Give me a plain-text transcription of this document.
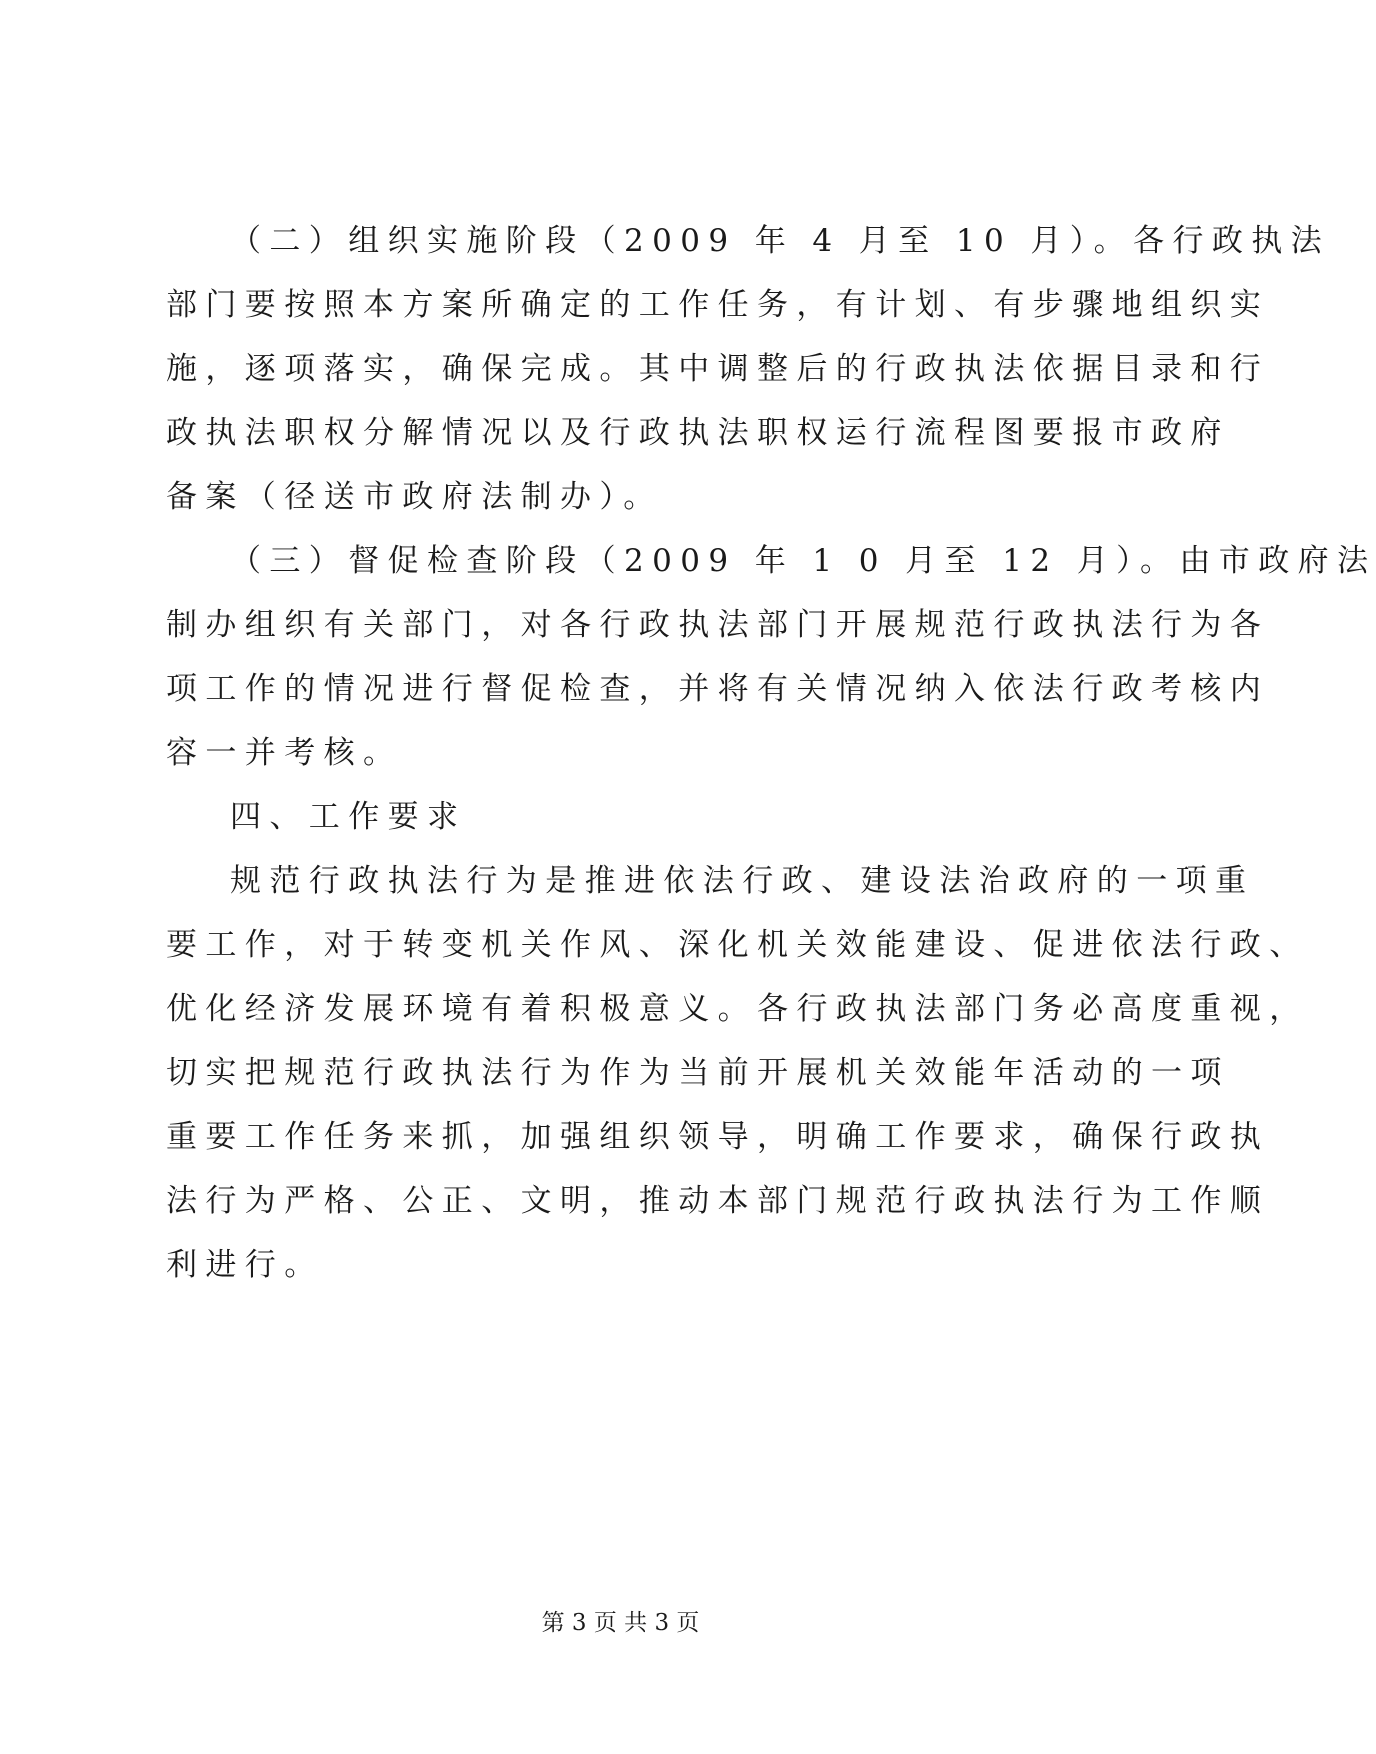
（二）组织实施阶段（2009 年 4 月至 10 月）。各行政执法
部门要按照本方案所确定的工作任务，有计划、有步骤地组织实
施，逐项落实，确保完成。其中调整后的行政执法依据目录和行
政执法职权分解情况以及行政执法职权运行流程图要报市政府
备案（径送市政府法制办）。
（三）督促检查阶段（2009 年 1 0 月至 12 月）。由市政府法
制办组织有关部门，对各行政执法部门开展规范行政执法行为各
项工作的情况进行督促检查，并将有关情况纳入依法行政考核内
容一并考核。
四、工作要求
规范行政执法行为是推进依法行政、建设法治政府的一项重
要工作，对于转变机关作风、深化机关效能建设、促进依法行政、
优化经济发展环境有着积极意义。各行政执法部门务必高度重视，
切实把规范行政执法行为作为当前开展机关效能年活动的一项
重要工作任务来抓，加强组织领导，明确工作要求，确保行政执
法行为严格、公正、文明，推动本部门规范行政执法行为工作顺
利进行。
第 3 页 共 3 页
